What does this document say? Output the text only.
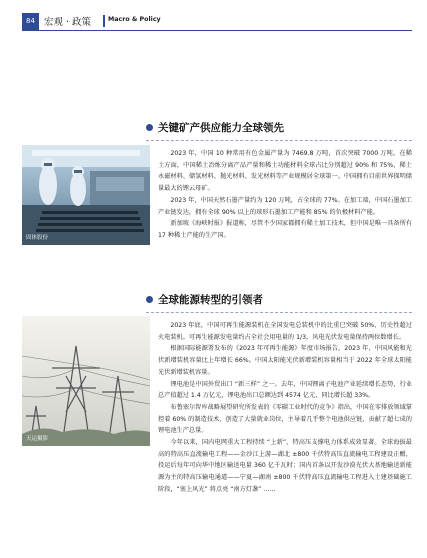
84 宏观 · 政策	Macro & Policy
关键矿产供应能力全球领先
固体股份

2023 年，中国 10 种常用有色金属产量为 7469.8 万吨，首次突破 7000 万吨。在稀土方面，中国稀土冶炼分离产品产量和稀土功能材料全球占比分别超过 90% 和 75%，稀土永磁材料、储氢材料、抛光材料、发光材料等产业规模居全球第一。中国拥有目前世界探明储量最大的锂云母矿。

2023 年，中国天然石墨产量约为 120 万吨，占全球的 77%。在加工端，中国石墨加工产业链发达，拥有全球 90% 以上的球形石墨加工产能和 85% 的负极材料产能。

新加坡《海峡时报》报道称，尽管不少国家都拥有稀土加工技术，但中国是唯一具备所有 17 种稀土产能的生产国。

全球能源转型的引领者
天运摄影

2023 年底，中国可再生能源装机在全国发电总装机中的比重已突破 50%，历史性超过火电装机。可再生能源发电量约占全社会用电量的 1/3，风电光伏发电量保持两位数增长。

根据国际能源署发布的《2023 年可再生能源》年度市场报告，2023 年，中国风能和光伏新增装机容量比上年增长 66%。中国太阳能光伏新增装机容量相当于 2022 年全球太阳能光伏新增装机容量。

锂电池是中国外贸出口 “新三样” 之一。去年，中国锂离子电池产业延续增长态势，行业总产值超过 1.4 万亿元，锂电池出口总额达到 4574 亿元，同比增长超 33%。

布鲁塞尔智库战略展望研究所发表的《零碳工业时代的竞争》指出，中国在零排放领域掌控着 60% 的制造技术，创造了大量就业岗位，主导着几乎整个电池供应链，贡献了超七成的锂电池生产总量。

今年以来，国内电网重大工程持续 “上新”，特高压支撑电力体系成效显著。全球海拔最高的特高压直流输电工程——金沙江上游—湖北 ±800 千伏特高压直流输电工程建设正酣，投运后每年可向华中地区输送电量 360 亿千瓦时；国内首条以开发沙漠光伏大基地输送新能源为主的特高压输电通道——宁夏—湖南 ±800 千伏特高压直流输电工程进入土建基础施工阶段，“塞上风光” 将点亮 “南方灯盏” ……
